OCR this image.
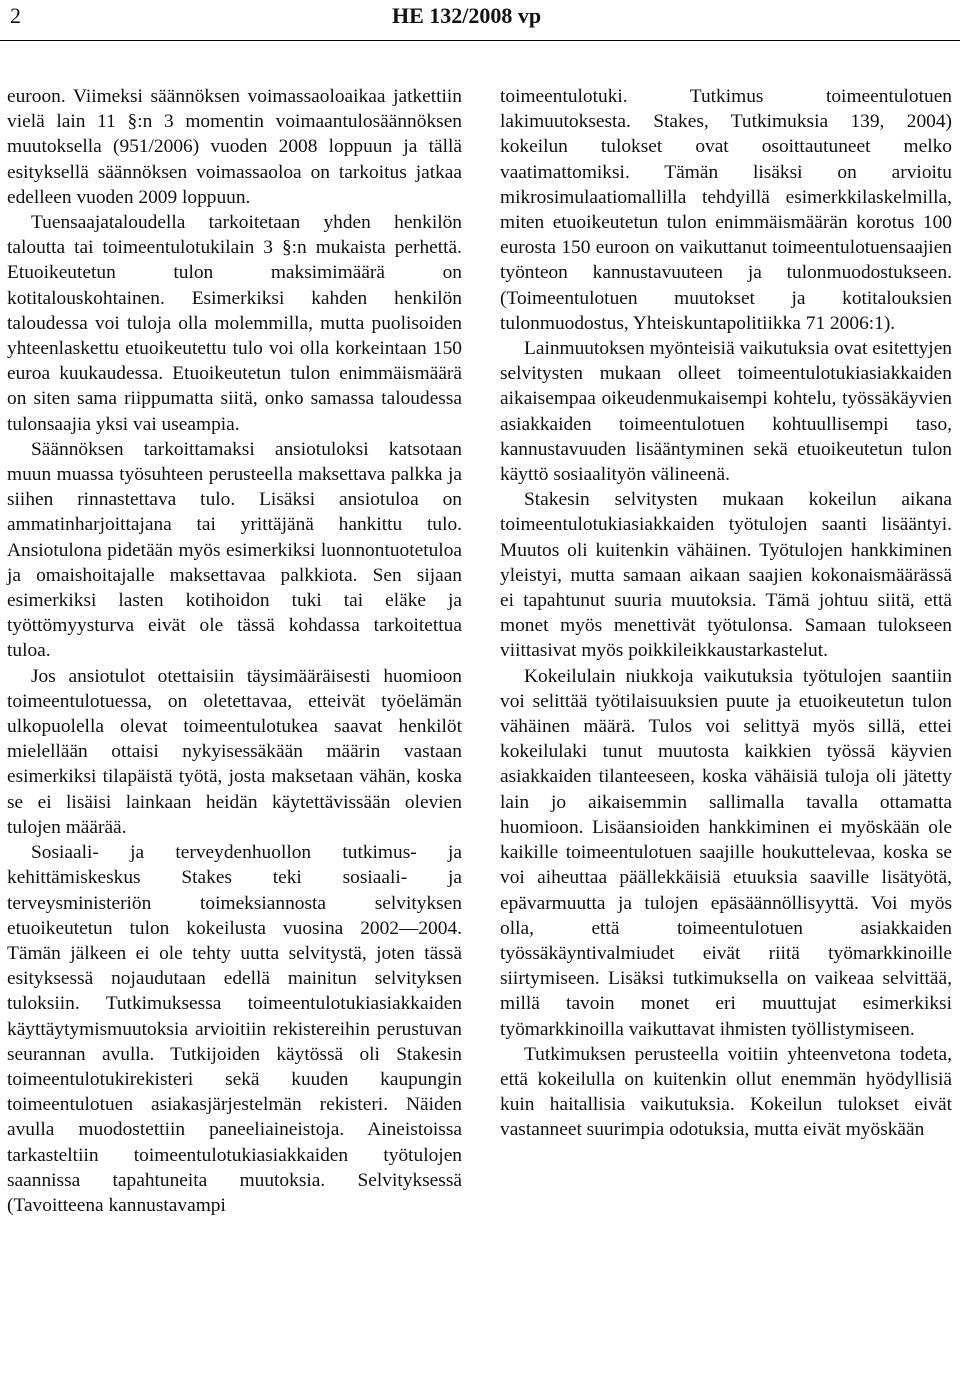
2	HE 132/2008 vp

euroon. Viimeksi säännöksen voimassaoloaikaa jatkettiin vielä lain 11 §:n 3 momentin voimaantulosäännöksen muutoksella (951/2006) vuoden 2008 loppuun ja tällä esityksellä säännöksen voimassaoloa on tarkoitus jatkaa edelleen vuoden 2009 loppuun.

Tuensaajataloudella tarkoitetaan yhden henkilön taloutta tai toimeentulotukilain 3 §:n mukaista perhettä. Etuoikeutetun tulon maksimimäärä on kotitalouskohtainen. Esimerkiksi kahden henkilön taloudessa voi tuloja olla molemmilla, mutta puolisoiden yhteenlaskettu etuoikeutettu tulo voi olla korkeintaan 150 euroa kuukaudessa. Etuoikeutetun tulon enimmäismäärä on siten sama riippumatta siitä, onko samassa taloudessa tulonsaajia yksi vai useampia.

Säännöksen tarkoittamaksi ansiotuloksi katsotaan muun muassa työsuhteen perusteella maksettava palkka ja siihen rinnastettava tulo. Lisäksi ansiotuloa on ammatinharjoittajana tai yrittäjänä hankittu tulo. Ansiotulona pidetään myös esimerkiksi luonnontuotetuloa ja omaishoitajalle maksettavaa palkkiota. Sen sijaan esimerkiksi lasten kotihoidon tuki tai eläke ja työttömyysturva eivät ole tässä kohdassa tarkoitettua tuloa.

Jos ansiotulot otettaisiin täysimääräisesti huomioon toimeentulotuessa, on oletettavaa, etteivät työelämän ulkopuolella olevat toimeentulotukea saavat henkilöt mielellään ottaisi nykyisessäkään määrin vastaan esimerkiksi tilapäistä työtä, josta maksetaan vähän, koska se ei lisäisi lainkaan heidän käytettävissään olevien tulojen määrää.

Sosiaali- ja terveydenhuollon tutkimus- ja kehittämiskeskus Stakes teki sosiaali- ja terveysministeriön toimeksiannosta selvityksen etuoikeutetun tulon kokeilusta vuosina 2002—2004. Tämän jälkeen ei ole tehty uutta selvitystä, joten tässä esityksessä nojaudutaan edellä mainitun selvityksen tuloksiin. Tutkimuksessa toimeentulotukiasiakkaiden käyttäytymismuutoksia arvioitiin rekistereihin perustuvan seurannan avulla. Tutkijoiden käytössä oli Stakesin toimeentulotukirekisteri sekä kuuden kaupungin toimeentulotuen asiakasjärjestelmän rekisteri. Näiden avulla muodostettiin paneeliaineistoja. Aineistoissa tarkasteltiin toimeentulotukiasiakkaiden työtulojen saannissa tapahtuneita muutoksia. Selvityksessä (Tavoitteena kannustavampi

toimeentulotuki. Tutkimus toimeentulotuen lakimuutoksesta. Stakes, Tutkimuksia 139, 2004) kokeilun tulokset ovat osoittautuneet melko vaatimattomiksi. Tämän lisäksi on arvioitu mikrosimulaatiomallilla tehdyillä esimerkkilaskelmilla, miten etuoikeutetun tulon enimmäismäärän korotus 100 eurosta 150 euroon on vaikuttanut toimeentulotuensaajien työnteon kannustavuuteen ja tulonmuodostukseen. (Toimeentulotuen muutokset ja kotitalouksien tulonmuodostus, Yhteiskuntapolitiikka 71 2006:1).

Lainmuutoksen myönteisiä vaikutuksia ovat esitettyjen selvitysten mukaan olleet toimeentulotukiasiakkaiden aikaisempaa oikeudenmukaisempi kohtelu, työssäkäyvien asiakkaiden toimeentulotuen kohtuullisempi taso, kannustavuuden lisääntyminen sekä etuoikeutetun tulon käyttö sosiaalityön välineenä.

Stakesin selvitysten mukaan kokeilun aikana toimeentulotukiasiakkaiden työtulojen saanti lisääntyi. Muutos oli kuitenkin vähäinen. Työtulojen hankkiminen yleistyi, mutta samaan aikaan saajien kokonaismäärässä ei tapahtunut suuria muutoksia. Tämä johtuu siitä, että monet myös menettivät työtulonsa. Samaan tulokseen viittasivat myös poikkileikkaustarkastelut.

Kokeilulain niukkoja vaikutuksia työtulojen saantiin voi selittää työtilaisuuksien puute ja etuoikeutetun tulon vähäinen määrä. Tulos voi selittyä myös sillä, ettei kokeilulaki tunut muutosta kaikkien työssä käyvien asiakkaiden tilanteeseen, koska vähäisiä tuloja oli jätetty lain jo aikaisemmin sallimalla tavalla ottamatta huomioon. Lisäansioiden hankkiminen ei myöskään ole kaikille toimeentulotuen saajille houkuttelevaa, koska se voi aiheuttaa päällekkäisiä etuuksia saaville lisätyötä, epävarmuutta ja tulojen epäsäännöllisyyttä. Voi myös olla, että toimeentulotuen asiakkaiden työssäkäyntivalmiudet eivät riitä työmarkkinoille siirtymiseen. Lisäksi tutkimuksella on vaikeaa selvittää, millä tavoin monet eri muuttujat esimerkiksi työmarkkinoilla vaikuttavat ihmisten työllistymiseen.

Tutkimuksen perusteella voitiin yhteenvetona todeta, että kokeilulla on kuitenkin ollut enemmän hyödyllisiä kuin haitallisia vaikutuksia. Kokeilun tulokset eivät vastanneet suurimpia odotuksia, mutta eivät myöskään
